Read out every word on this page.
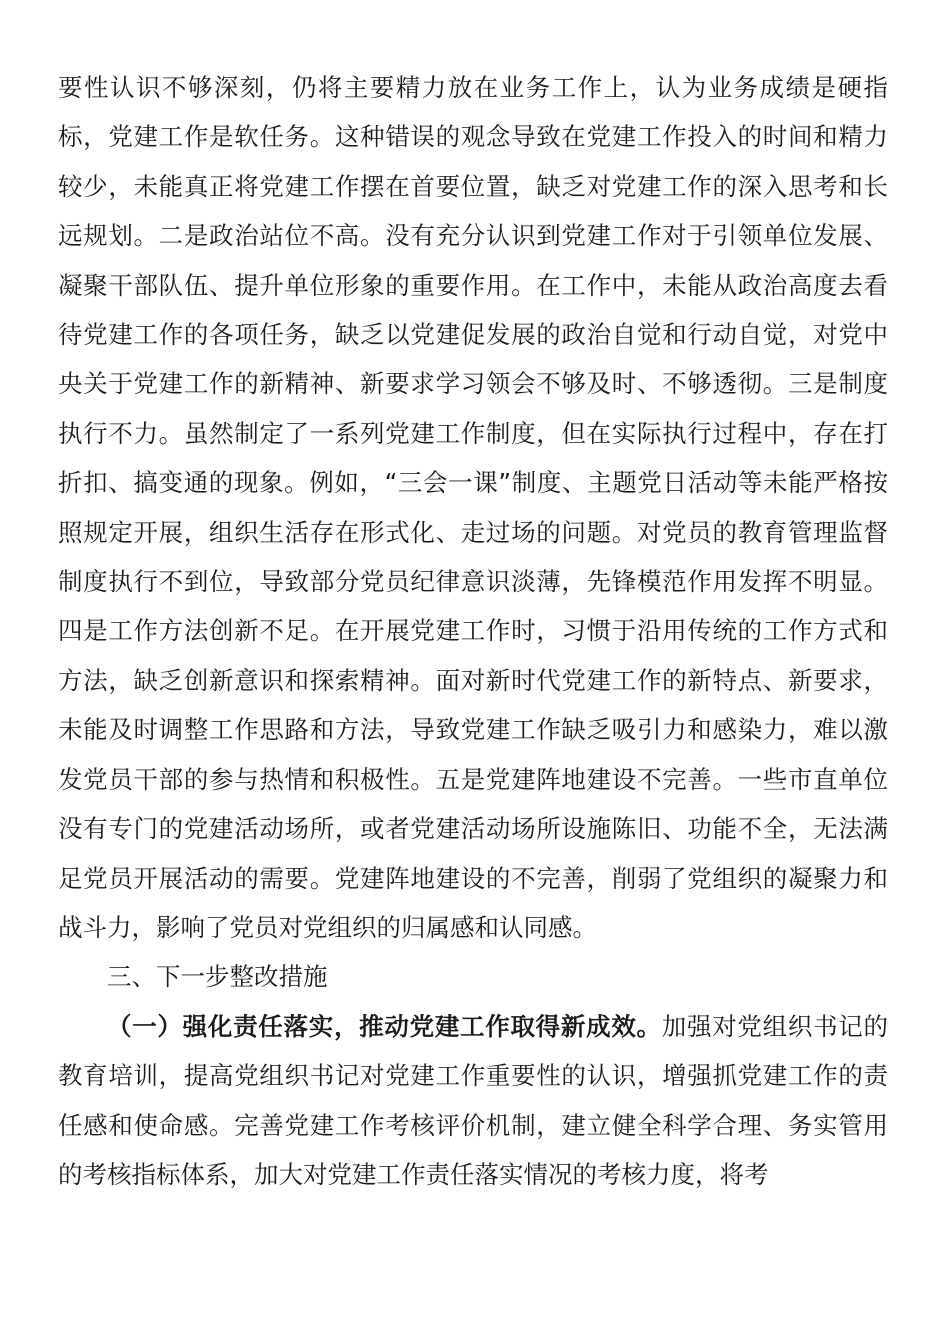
要性认识不够深刻，仍将主要精力放在业务工作上，认为业务成绩是硬指标，党建工作是软任务。这种错误的观念导致在党建工作投入的时间和精力较少，未能真正将党建工作摆在首要位置，缺乏对党建工作的深入思考和长远规划。二是政治站位不高。没有充分认识到党建工作对于引领单位发展、凝聚干部队伍、提升单位形象的重要作用。在工作中，未能从政治高度去看待党建工作的各项任务，缺乏以党建促发展的政治自觉和行动自觉，对党中央关于党建工作的新精神、新要求学习领会不够及时、不够透彻。三是制度执行不力。虽然制定了一系列党建工作制度，但在实际执行过程中，存在打折扣、搞变通的现象。例如，“三会一课”制度、主题党日活动等未能严格按照规定开展，组织生活存在形式化、走过场的问题。对党员的教育管理监督制度执行不到位，导致部分党员纪律意识淡薄，先锋模范作用发挥不明显。四是工作方法创新不足。在开展党建工作时，习惯于沿用传统的工作方式和方法，缺乏创新意识和探索精神。面对新时代党建工作的新特点、新要求，未能及时调整工作思路和方法，导致党建工作缺乏吸引力和感染力，难以激发党员干部的参与热情和积极性。五是党建阵地建设不完善。一些市直单位没有专门的党建活动场所，或者党建活动场所设施陈旧、功能不全，无法满足党员开展活动的需要。党建阵地建设的不完善，削弱了党组织的凝聚力和战斗力，影响了党员对党组织的归属感和认同感。

三、下一步整改措施

（一）强化责任落实，推动党建工作取得新成效。加强对党组织书记的教育培训，提高党组织书记对党建工作重要性的认识，增强抓党建工作的责任感和使命感。完善党建工作考核评价机制，建立健全科学合理、务实管用的考核指标体系，加大对党建工作责任落实情况的考核力度，将考
